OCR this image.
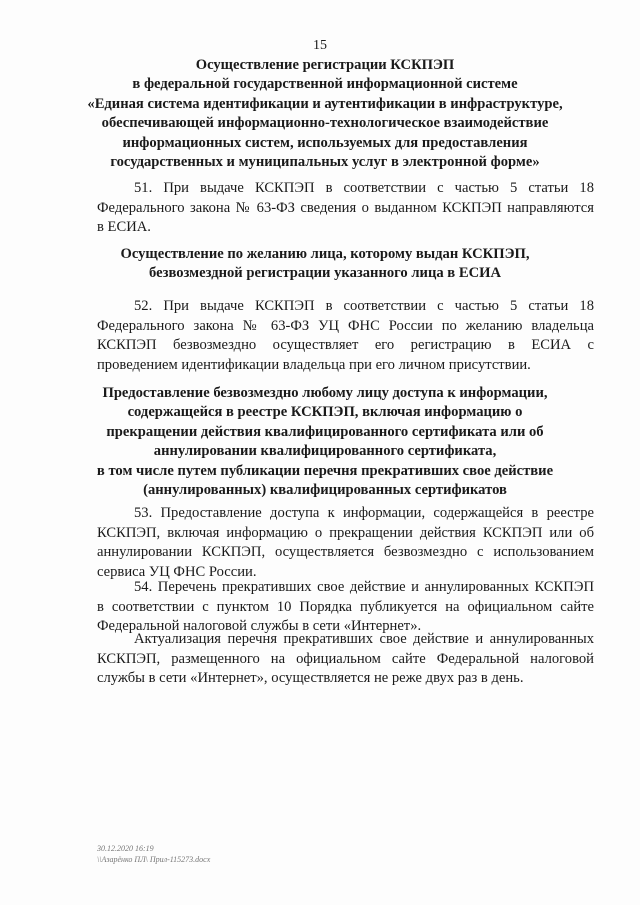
15
Осуществление регистрации КСКПЭП
в федеральной государственной информационной системе
«Единая система идентификации и аутентификации в инфраструктуре,
обеспечивающей информационно-технологическое взаимодействие
информационных систем, используемых для предоставления
государственных и муниципальных услуг в электронной форме»
51. При выдаче КСКПЭП в соответствии с частью 5 статьи 18
Федерального закона № 63-ФЗ сведения о выданном КСКПЭП направляются
в ЕСИА.
Осуществление по желанию лица, которому выдан КСКПЭП,
безвозмездной регистрации указанного лица в ЕСИА
52. При выдаче КСКПЭП в соответствии с частью 5 статьи 18
Федерального закона № 63-ФЗ УЦ ФНС России по желанию владельца
КСКПЭП безвозмездно осуществляет его регистрацию в ЕСИА с
проведением идентификации владельца при его личном присутствии.
Предоставление безвозмездно любому лицу доступа к информации,
содержащейся в реестре КСКПЭП, включая информацию о
прекращении действия квалифицированного сертификата или об
аннулировании квалифицированного сертификата,
в том числе путем публикации перечня прекративших свое действие
(аннулированных) квалифицированных сертификатов
53. Предоставление доступа к информации, содержащейся в реестре
КСКПЭП, включая информацию о прекращении действия КСКПЭП или об
аннулировании КСКПЭП, осуществляется безвозмездно с использованием
сервиса УЦ ФНС России.
54. Перечень прекративших свое действие и аннулированных КСКПЭП
в соответствии с пунктом 10 Порядка публикуется на официальном сайте
Федеральной налоговой службы в сети «Интернет».
Актуализация перечня прекративших свое действие и аннулированных
КСКПЭП, размещенного на официальном сайте Федеральной налоговой
службы в сети «Интернет», осуществляется не реже двух раз в день.
30.12.2020 16:19
\\Азарёнко ПЛ\ Прил-115273.docx
